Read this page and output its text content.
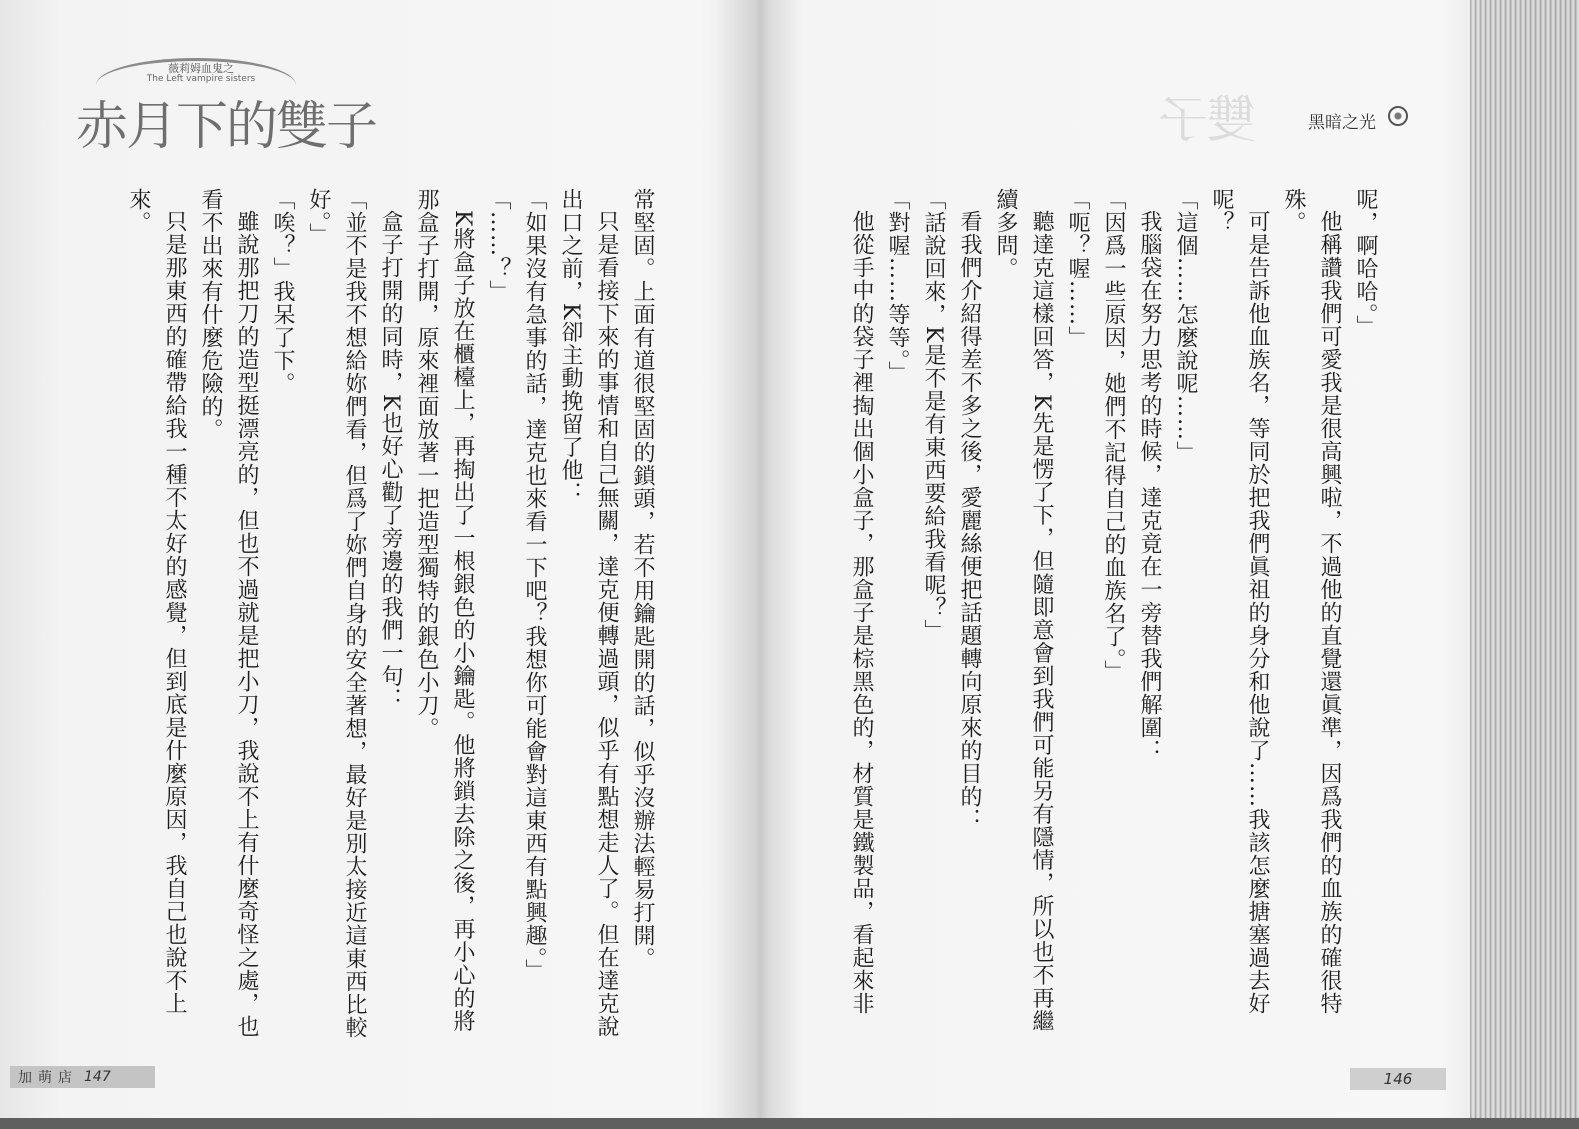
薇莉姆血鬼之
The Left vampire sisters
赤月下的雙子

常堅固。上面有道很堅固的鎖頭，若不用鑰匙開的話，似乎沒辦法輕易打開。

只是看接下來的事情和自己無關，達克便轉過頭，似乎有點想走人了。但在達克說出口之前，K卻主動挽留了他：

「如果沒有急事的話，達克也來看一下吧？我想你可能會對這東西有點興趣。」

「……？」

K將盒子放在櫃檯上，再掏出了一根銀色的小鑰匙。他將鎖去除之後，再小心的將那盒子打開，原來裡面放著一把造型獨特的銀色小刀。

盒子打開的同時，K也好心勸了旁邊的我們一句：

「並不是我不想給妳們看，但爲了妳們自身的安全著想，最好是別太接近這東西比較好。」

「唉？」我呆了下。

雖說那把刀的造型挺漂亮的，但也不過就是把小刀，我說不上有什麼奇怪之處，也看不出來有什麼危險的。

只是那東西的確帶給我一種不太好的感覺，但到底是什麼原因，我自己也說不上來。

加萌店 147
雙子	黑暗之光

呢，啊哈哈。」

他稱讚我們可愛我是很高興啦，不過他的直覺還眞準，因爲我們的血族的確很特殊。

可是告訴他血族名，等同於把我們眞祖的身分和他說了……我該怎麼搪塞過去好呢？

「這個……怎麼說呢……」

我腦袋在努力思考的時候，達克竟在一旁替我們解圍：

「因爲一些原因，她們不記得自己的血族名了。」

「呃？喔……」

聽達克這樣回答，K先是愣了下，但隨即意會到我們可能另有隱情，所以也不再繼續多問。

看我們介紹得差不多之後，愛麗絲便把話題轉向原來的目的：

「話說回來，K是不是有東西要給我看呢？」

「對喔……等等。」

他從手中的袋子裡掏出個小盒子，那盒子是棕黑色的，材質是鐵製品，看起來非

146
